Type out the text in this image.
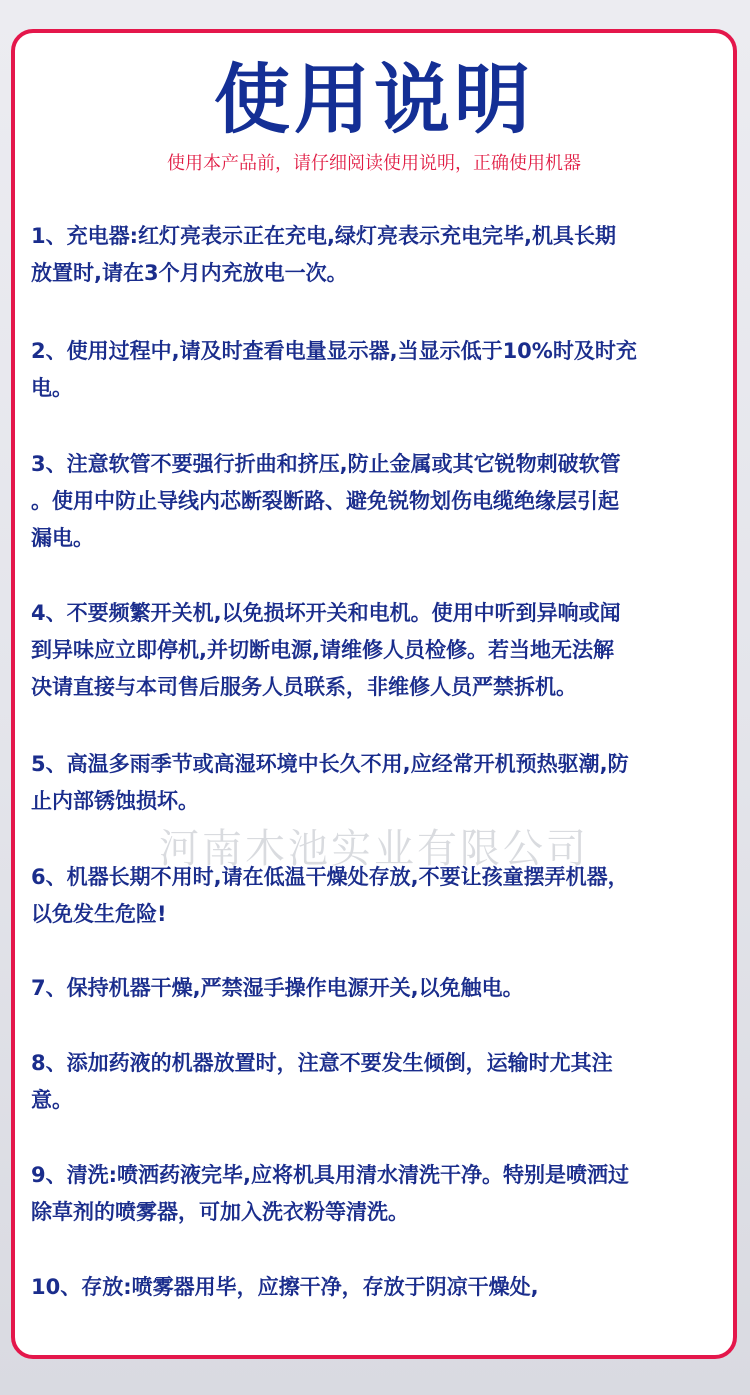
使用说明
使用本产品前，请仔细阅读使用说明，正确使用机器
河南木池实业有限公司

1、充电器:红灯亮表示正在充电,绿灯亮表示充电完毕,机具长期
放置时,请在3个月内充放电一次。

2、使用过程中,请及时查看电量显示器,当显示低于10%时及时充
电。

3、注意软管不要强行折曲和挤压,防止金属或其它锐物刺破软管
。使用中防止导线内芯断裂断路、避免锐物划伤电缆绝缘层引起
漏电。

4、不要频繁开关机,以免损坏开关和电机。使用中听到异响或闻
到异味应立即停机,并切断电源,请维修人员检修。若当地无法解
决请直接与本司售后服务人员联系，非维修人员严禁拆机。

5、高温多雨季节或高湿环境中长久不用,应经常开机预热驱潮,防
止内部锈蚀损坏。

6、机器长期不用时,请在低温干燥处存放,不要让孩童摆弄机器，
以免发生危险!

7、保持机器干燥,严禁湿手操作电源开关,以免触电。

8、添加药液的机器放置时，注意不要发生倾倒，运输时尤其注
意。

9、清洗:喷洒药液完毕,应将机具用清水清洗干净。特别是喷洒过
除草剂的喷雾器，可加入洗衣粉等清洗。

10、存放:喷雾器用毕，应擦干净，存放于阴凉干燥处,
